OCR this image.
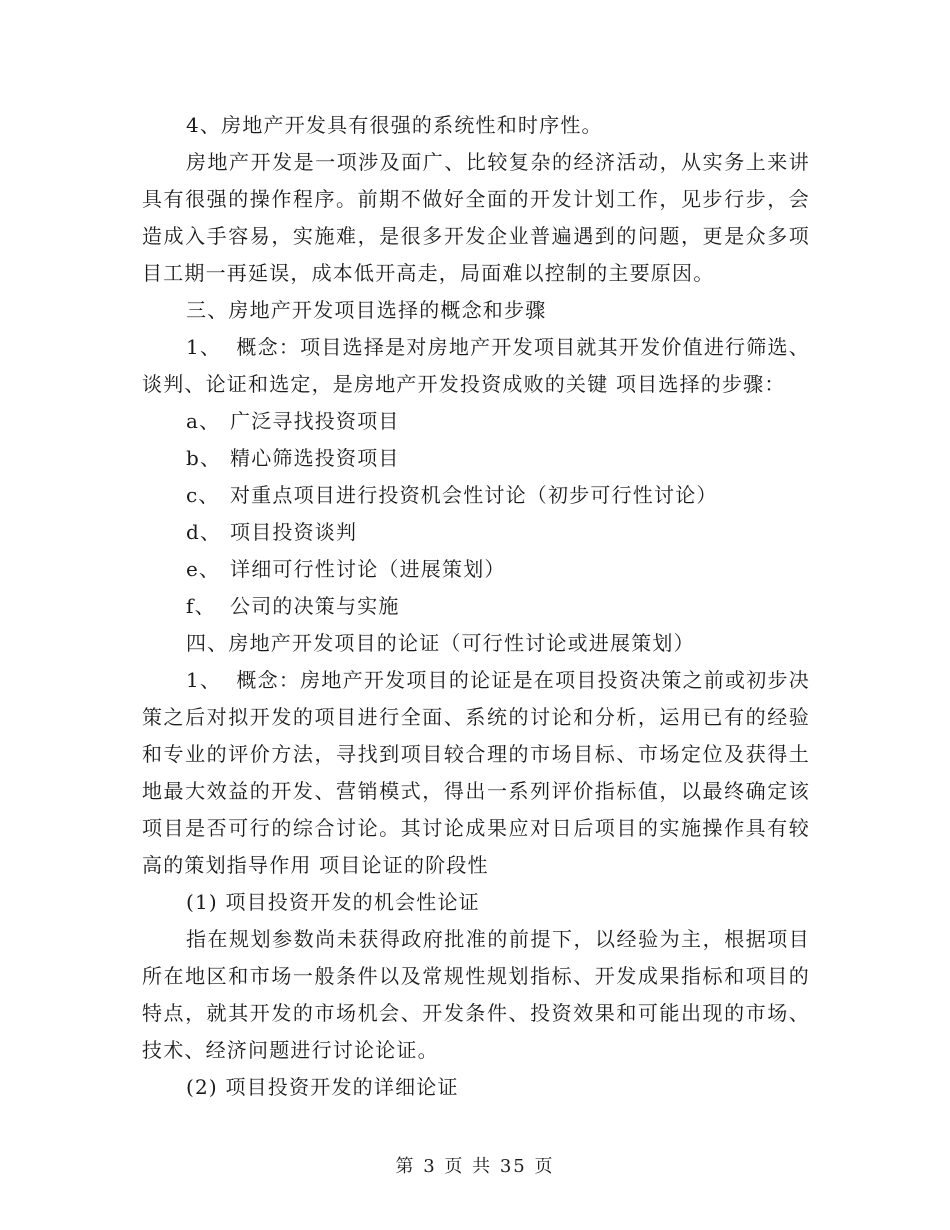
4、房地产开发具有很强的系统性和时序性。

房地产开发是一项涉及面广、比较复杂的经济活动，从实务上来讲具有很强的操作程序。前期不做好全面的开发计划工作，见步行步，会造成入手容易，实施难，是很多开发企业普遍遇到的问题，更是众多项目工期一再延误，成本低开高走，局面难以控制的主要原因。

三、房地产开发项目选择的概念和步骤

1、  概念：项目选择是对房地产开发项目就其开发价值进行筛选、谈判、论证和选定，是房地产开发投资成败的关键 项目选择的步骤：

a、 广泛寻找投资项目

b、 精心筛选投资项目

c、 对重点项目进行投资机会性讨论（初步可行性讨论）

d、 项目投资谈判

e、 详细可行性讨论（进展策划）

f、 公司的决策与实施

四、房地产开发项目的论证（可行性讨论或进展策划）

1、  概念：房地产开发项目的论证是在项目投资决策之前或初步决策之后对拟开发的项目进行全面、系统的讨论和分析，运用已有的经验和专业的评价方法，寻找到项目较合理的市场目标、市场定位及获得土地最大效益的开发、营销模式，得出一系列评价指标值，以最终确定该项目是否可行的综合讨论。其讨论成果应对日后项目的实施操作具有较高的策划指导作用 项目论证的阶段性

(1) 项目投资开发的机会性论证

指在规划参数尚未获得政府批准的前提下，以经验为主，根据项目所在地区和市场一般条件以及常规性规划指标、开发成果指标和项目的特点，就其开发的市场机会、开发条件、投资效果和可能出现的市场、技术、经济问题进行讨论论证。

(2) 项目投资开发的详细论证

第 3 页 共 35 页
